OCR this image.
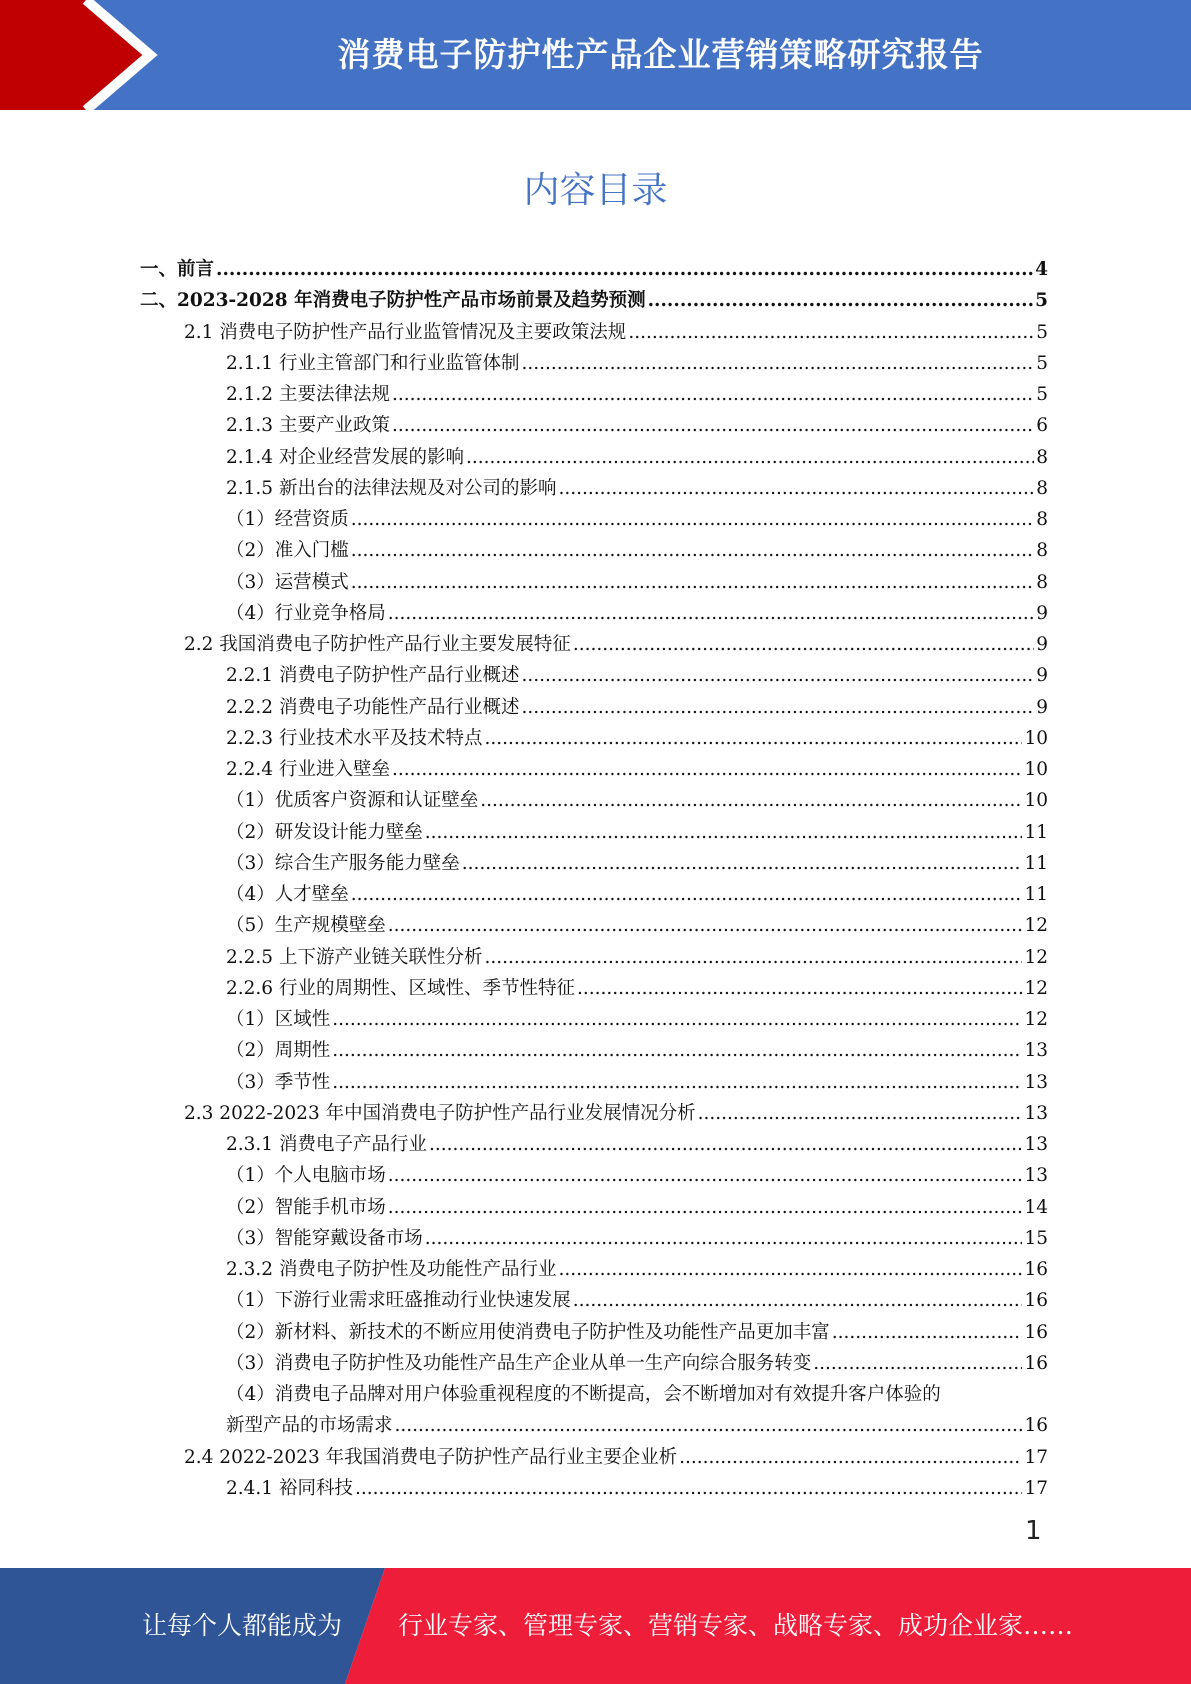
消费电子防护性产品企业营销策略研究报告
内容目录
一、前言 .....	4
二、2023-2028 年消费电子防护性产品市场前景及趋势预测 .....	5
2.1 消费电子防护性产品行业监管情况及主要政策法规 .....	5
2.1.1 行业主管部门和行业监管体制 .....	5
2.1.2 主要法律法规 .....	5
2.1.3 主要产业政策 .....	6
2.1.4 对企业经营发展的影响 .....	8
2.1.5 新出台的法律法规及对公司的影响 .....	8
（1）经营资质 .....	8
（2）准入门槛 .....	8
（3）运营模式 .....	8
（4）行业竞争格局 .....	9
2.2 我国消费电子防护性产品行业主要发展特征 .....	9
2.2.1 消费电子防护性产品行业概述 .....	9
2.2.2 消费电子功能性产品行业概述 .....	9
2.2.3 行业技术水平及技术特点 .....	10
2.2.4 行业进入壁垒 .....	10
（1）优质客户资源和认证壁垒 .....	10
（2）研发设计能力壁垒 .....	11
（3）综合生产服务能力壁垒 .....	11
（4）人才壁垒 .....	11
（5）生产规模壁垒 .....	12
2.2.5 上下游产业链关联性分析 .....	12
2.2.6 行业的周期性、区域性、季节性特征 .....	12
（1）区域性 .....	12
（2）周期性 .....	13
（3）季节性 .....	13
2.3 2022-2023 年中国消费电子防护性产品行业发展情况分析 .....	13
2.3.1 消费电子产品行业 .....	13
（1）个人电脑市场 .....	13
（2）智能手机市场 .....	14
（3）智能穿戴设备市场 .....	15
2.3.2 消费电子防护性及功能性产品行业 .....	16
（1）下游行业需求旺盛推动行业快速发展 .....	16
（2）新材料、新技术的不断应用使消费电子防护性及功能性产品更加丰富 .....	16
（3）消费电子防护性及功能性产品生产企业从单一生产向综合服务转变 .....	16
（4）消费电子品牌对用户体验重视程度的不断提高，会不断增加对有效提升客户体验的
新型产品的市场需求 .....	16
2.4 2022-2023 年我国消费电子防护性产品行业主要企业析 .....	17
2.4.1 裕同科技 .....	17
1
让每个人都能成为 行业专家、管理专家、营销专家、战略专家、成功企业家……
